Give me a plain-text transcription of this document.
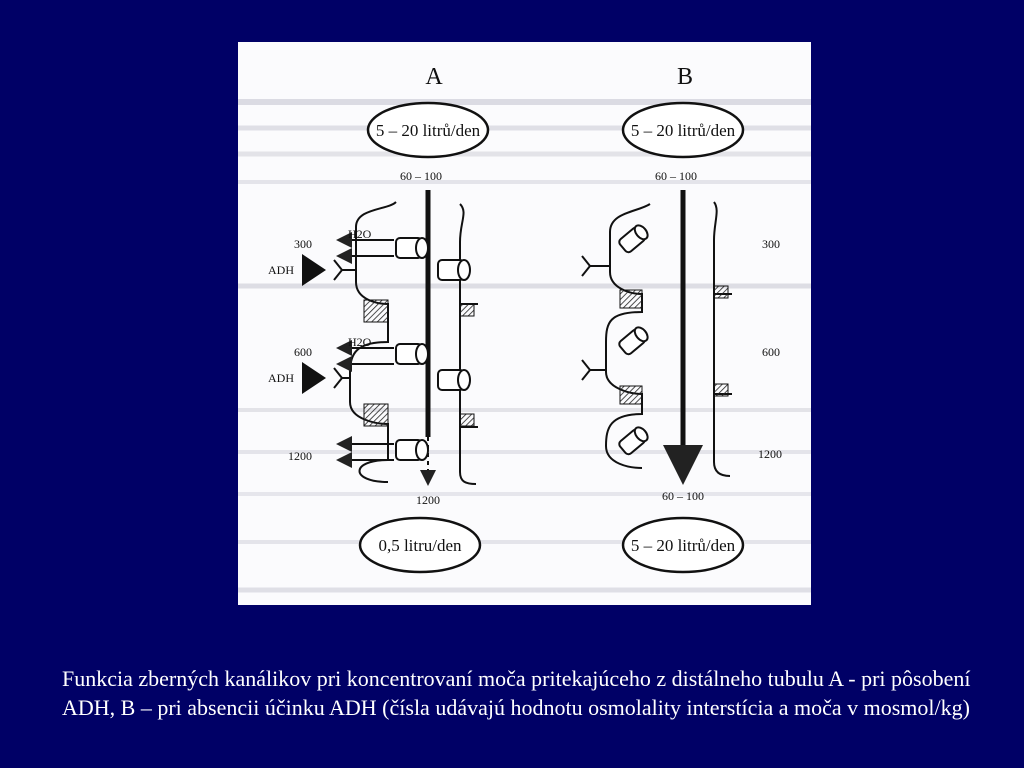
A
5 – 20 litrů/den
60 – 100
H2O
H2O
ADH
ADH
300
600
1200
1200
0,5 litru/den
B
5 – 20 litrů/den
60 – 100
300
600
1200
60 – 100
5 – 20 litrů/den
Funkcia zberných kanálikov pri koncentrovaní moča pritekajúceho z distálneho tubulu A - pri pôsobení ADH, B – pri absencii účinku ADH (čísla udávajú hodnotu osmolality interstícia a moča v mosmol/kg)
